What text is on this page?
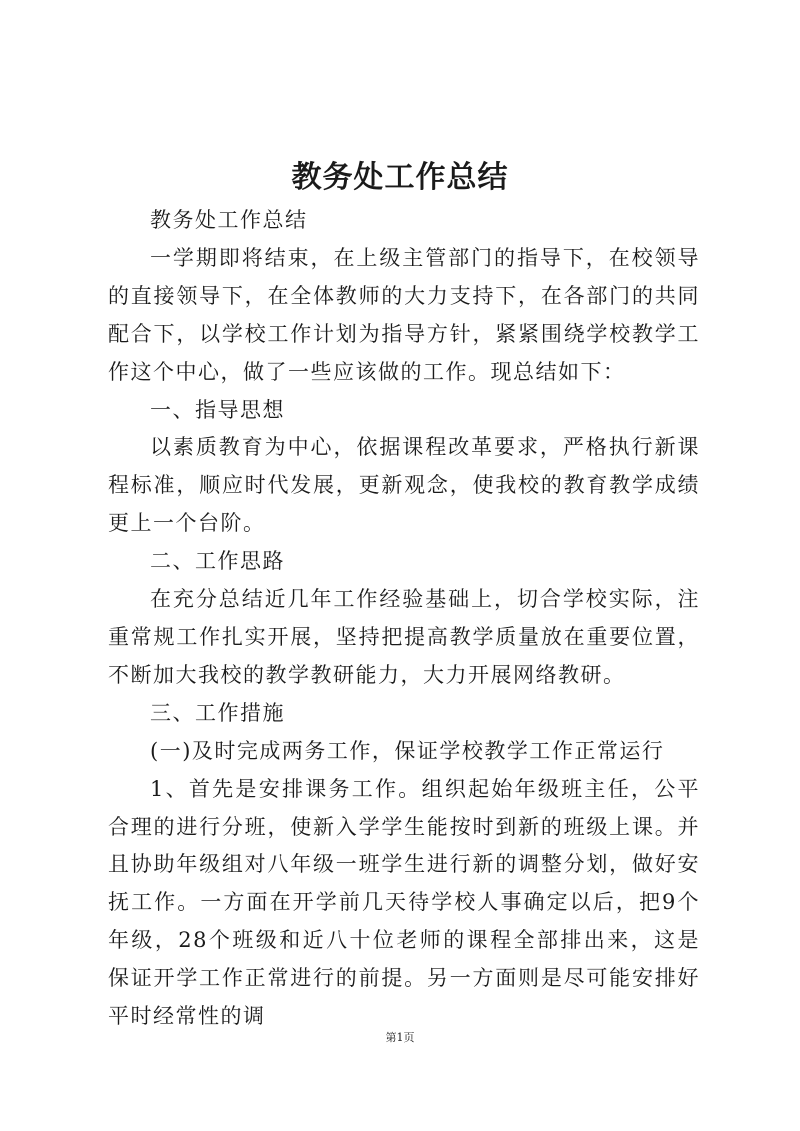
教务处工作总结

教务处工作总结

一学期即将结束，在上级主管部门的指导下，在校领导的直接领导下，在全体教师的大力支持下，在各部门的共同配合下，以学校工作计划为指导方针，紧紧围绕学校教学工作这个中心，做了一些应该做的工作。现总结如下：

一、指导思想

以素质教育为中心，依据课程改革要求，严格执行新课程标准，顺应时代发展，更新观念，使我校的教育教学成绩更上一个台阶。

二、工作思路

在充分总结近几年工作经验基础上，切合学校实际，注重常规工作扎实开展，坚持把提高教学质量放在重要位置，不断加大我校的教学教研能力，大力开展网络教研。

三、工作措施

(一)及时完成两务工作，保证学校教学工作正常运行

1、首先是安排课务工作。组织起始年级班主任，公平合理的进行分班，使新入学学生能按时到新的班级上课。并且协助年级组对八年级一班学生进行新的调整分划，做好安抚工作。一方面在开学前几天待学校人事确定以后，把9个年级，28个班级和近八十位老师的课程全部排出来，这是保证开学工作正常进行的前提。另一方面则是尽可能安排好平时经常性的调

第1页
